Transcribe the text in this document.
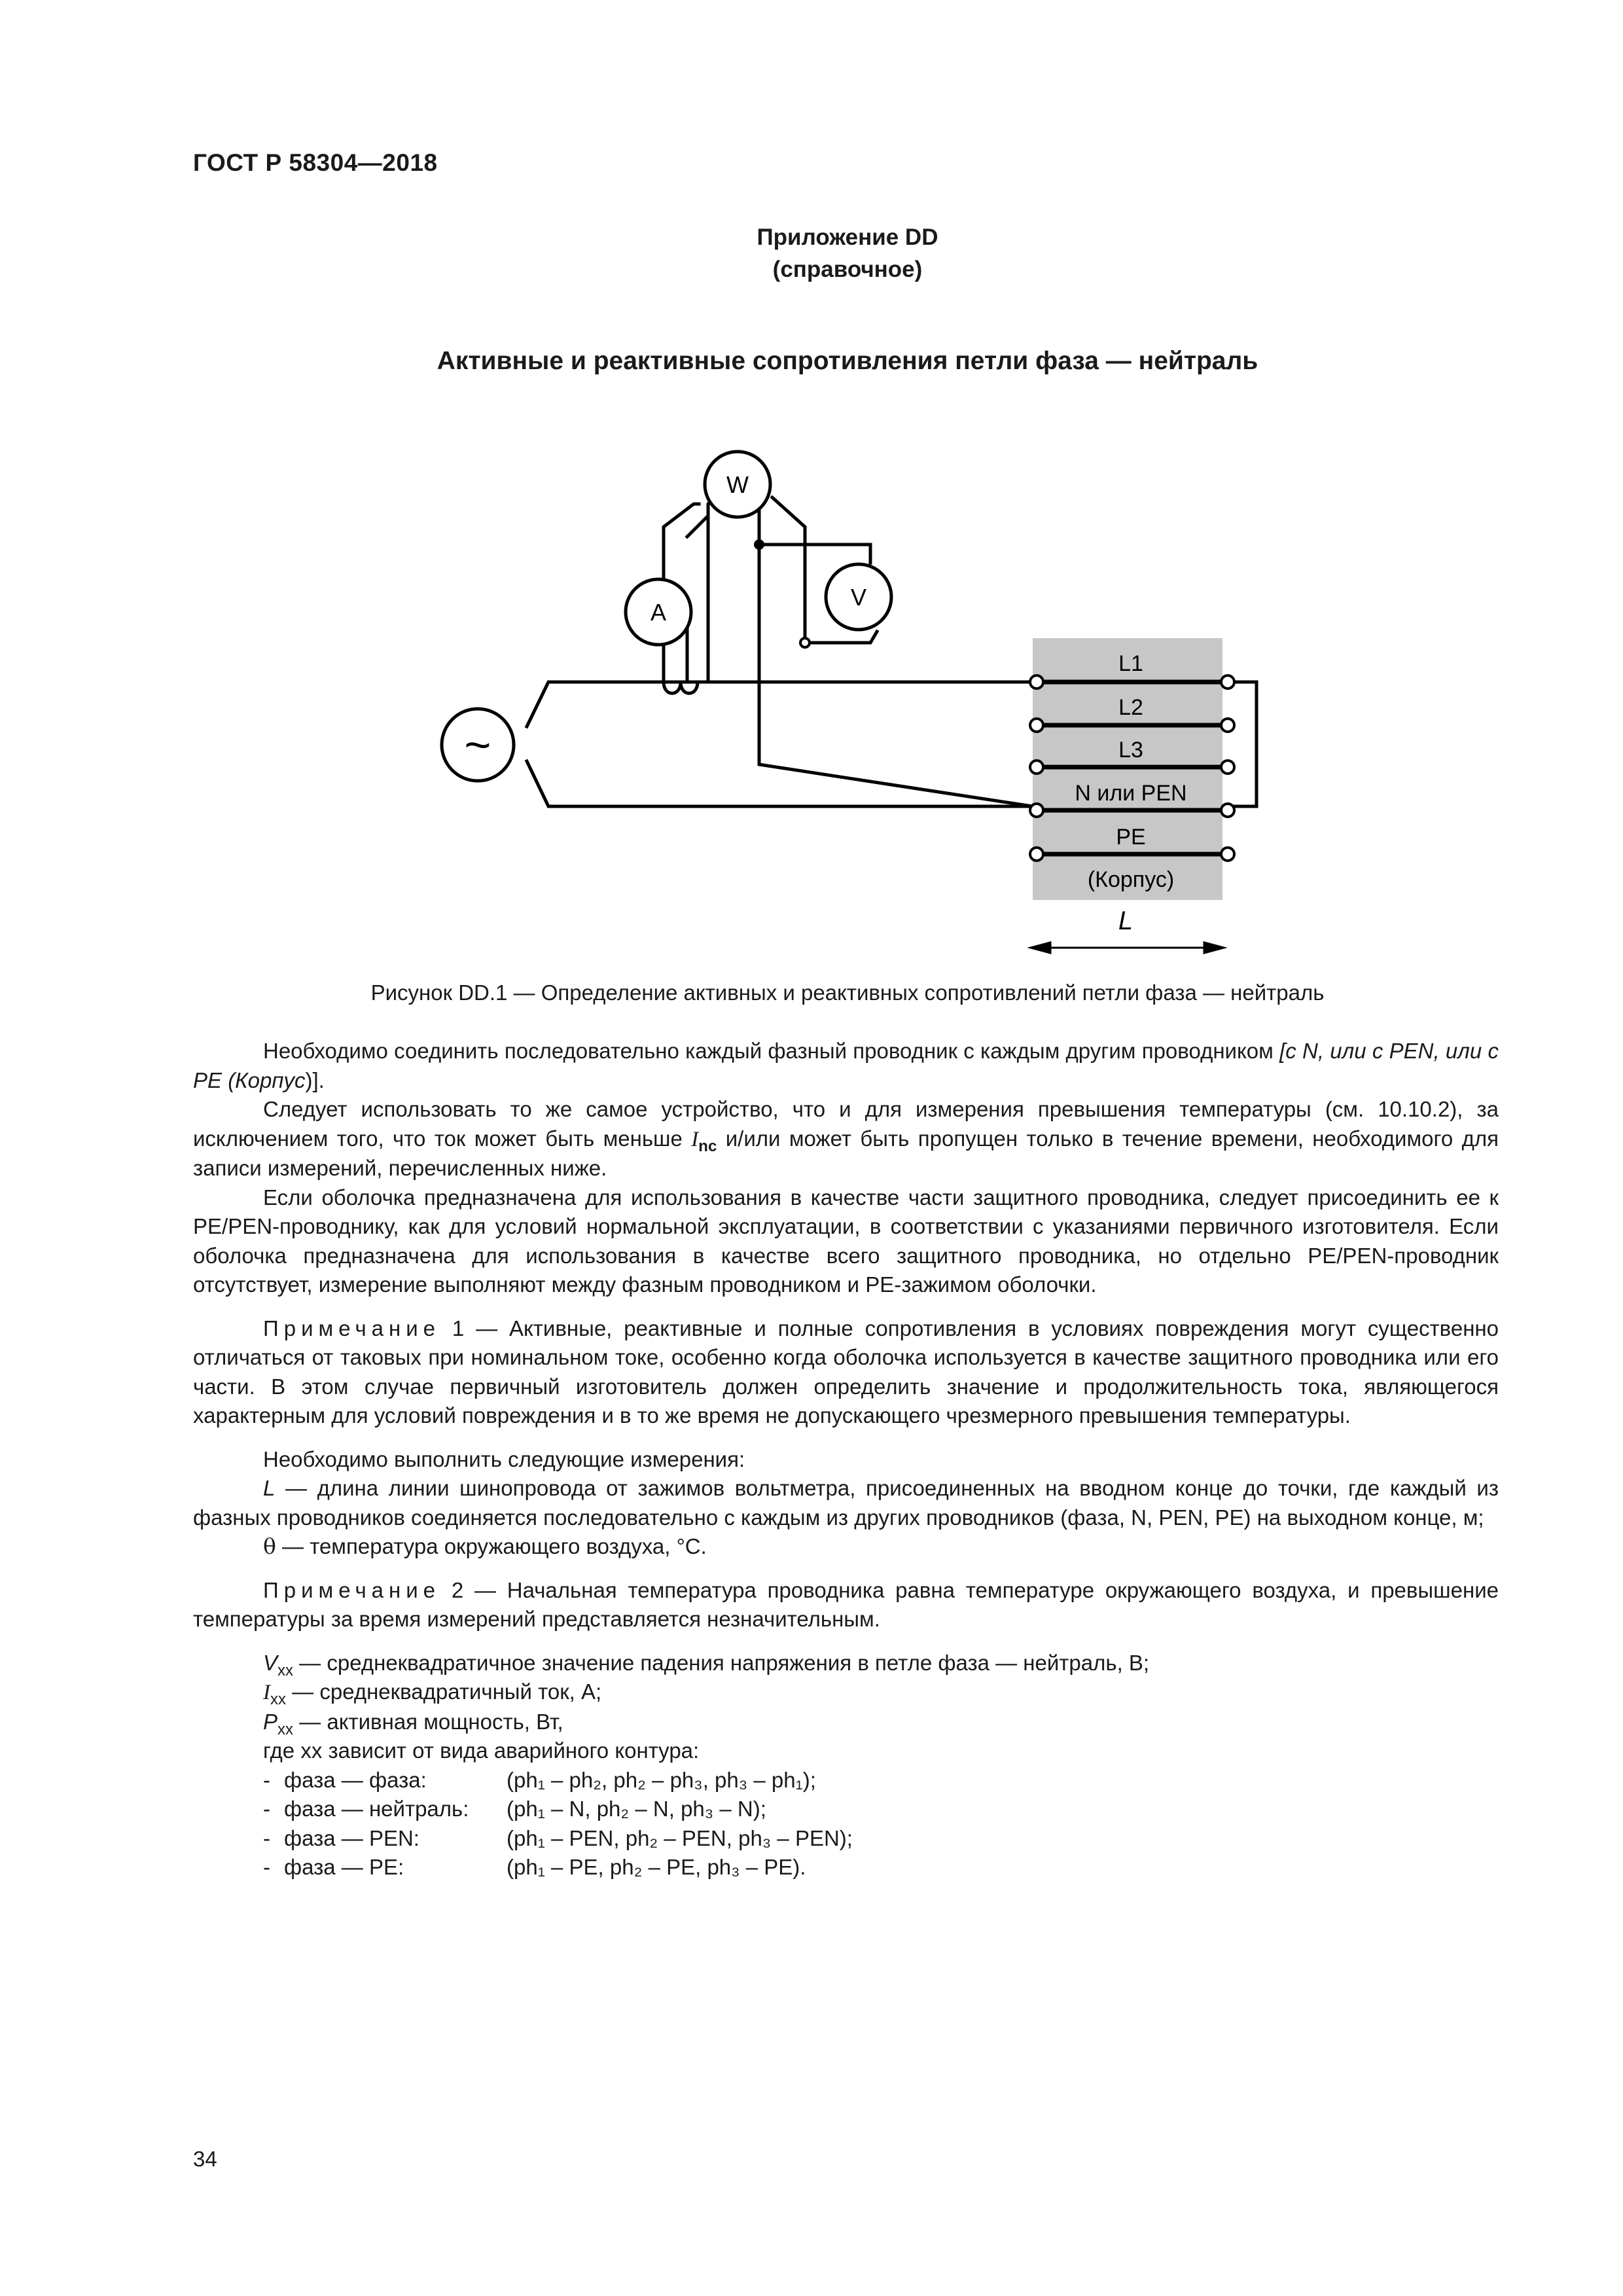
ГОСТ Р 58304—2018
Приложение DD
(справочное)
Активные и реактивные сопротивления петли фаза — нейтраль
W
A
V
~
L1
L2
L3
N или PEN
PE
(Корпус)
L
Рисунок DD.1 — Определение активных и реактивных сопротивлений петли фаза — нейтраль

Необходимо соединить последовательно каждый фазный проводник с каждым другим проводником [с N, или с PEN, или с PE (Корпус)].

Следует использовать то же самое устройство, что и для измерения превышения температуры (см. 10.10.2), за исключением того, что ток может быть меньше $I_{nc}$ и/или может быть пропущен только в течение времени, необходимого для записи измерений, перечисленных ниже.

Если оболочка предназначена для использования в качестве части защитного проводника, следует присоединить ее к PE/PEN-проводнику, как для условий нормальной эксплуатации, в соответствии с указаниями первичного изготовителя. Если оболочка предназначена для использования в качестве всего защитного проводника, но отдельно PE/PEN-проводник отсутствует, измерение выполняют между фазным проводником и PE-зажимом оболочки.

Примечание 1 — Активные, реактивные и полные сопротивления в условиях повреждения могут существенно отличаться от таковых при номинальном токе, особенно когда оболочка используется в качестве защитного проводника или его части. В этом случае первичный изготовитель должен определить значение и продолжительность тока, являющегося характерным для условий повреждения и в то же время не допускающего чрезмерного превышения температуры.

Необходимо выполнить следующие измерения:

L — длина линии шинопровода от зажимов вольтметра, присоединенных на вводном конце до точки, где каждый из фазных проводников соединяется последовательно с каждым из других проводников (фаза, N, PEN, PE) на выходном конце, м;

θ — температура окружающего воздуха, °С.

Примечание 2 — Начальная температура проводника равна температуре окружающего воздуха, и превышение температуры за время измерений представляется незначительным.

$V_{xx}$ — среднеквадратичное значение падения напряжения в петле фаза — нейтраль, В;

$I_{xx}$ — среднеквадратичный ток, А;

$P_{xx}$ — активная мощность, Вт,

где xx зависит от вида аварийного контура:

- фаза — фаза:	(ph₁ – ph₂, ph₂ – ph₃, ph₃ – ph₁);
- фаза — нейтраль:	(ph₁ – N, ph₂ – N, ph₃ – N);
- фаза — PEN:	(ph₁ – PEN, ph₂ – PEN, ph₃ – PEN);
- фаза — PE:	(ph₁ – PE, ph₂ – PE, ph₃ – PE).
34
